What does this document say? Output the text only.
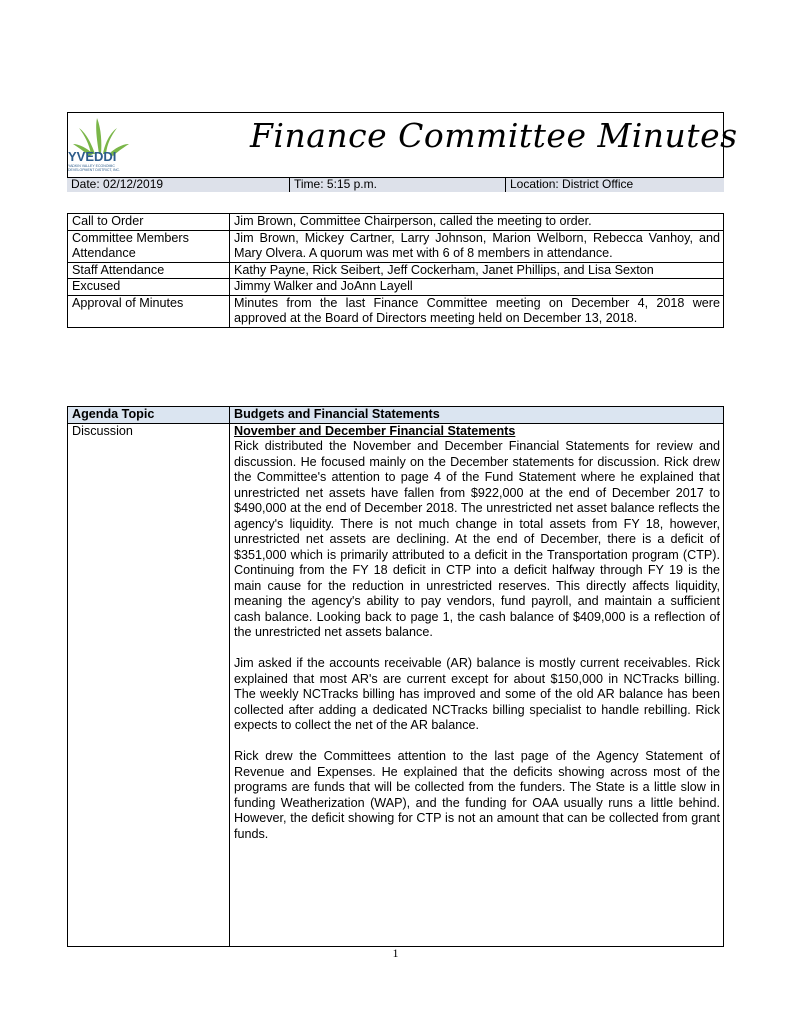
YVEDDI
YADKIN VALLEY ECONOMIC DEVELOPMENT DISTRICT, INC.
Finance Committee Minutes
Date: 02/12/2019	Time: 5:15 p.m.	Location: District Office
Call to Order	Jim Brown, Committee Chairperson, called the meeting to order.
Committee Members Attendance	Jim Brown, Mickey Cartner, Larry Johnson, Marion Welborn, Rebecca Vanhoy, and Mary Olvera. A quorum was met with 6 of 8 members in attendance.
Staff Attendance	Kathy Payne, Rick Seibert, Jeff Cockerham, Janet Phillips, and Lisa Sexton
Excused	Jimmy Walker and JoAnn Layell
Approval of Minutes	Minutes from the last Finance Committee meeting on December 4, 2018 were approved at the Board of Directors meeting held on December 13, 2018.
Agenda Topic	Budgets and Financial Statements
Discussion	November and December Financial Statements

Rick distributed the November and December Financial Statements for review and discussion. He focused mainly on the December statements for discussion. Rick drew the Committee's attention to page 4 of the Fund Statement where he explained that unrestricted net assets have fallen from $922,000 at the end of December 2017 to $490,000 at the end of December 2018. The unrestricted net asset balance reflects the agency's liquidity. There is not much change in total assets from FY 18, however, unrestricted net assets are declining. At the end of December, there is a deficit of $351,000 which is primarily attributed to a deficit in the Transportation program (CTP). Continuing from the FY 18 deficit in CTP into a deficit halfway through FY 19 is the main cause for the reduction in unrestricted reserves. This directly affects liquidity, meaning the agency's ability to pay vendors, fund payroll, and maintain a sufficient cash balance. Looking back to page 1, the cash balance of $409,000 is a reflection of the unrestricted net assets balance.

Jim asked if the accounts receivable (AR) balance is mostly current receivables. Rick explained that most AR's are current except for about $150,000 in NCTracks billing. The weekly NCTracks billing has improved and some of the old AR balance has been collected after adding a dedicated NCTracks billing specialist to handle rebilling. Rick expects to collect the net of the AR balance.

Rick drew the Committees attention to the last page of the Agency Statement of Revenue and Expenses. He explained that the deficits showing across most of the programs are funds that will be collected from the funders. The State is a little slow in funding Weatherization (WAP), and the funding for OAA usually runs a little behind. However, the deficit showing for CTP is not an amount that can be collected from grant funds.

1
